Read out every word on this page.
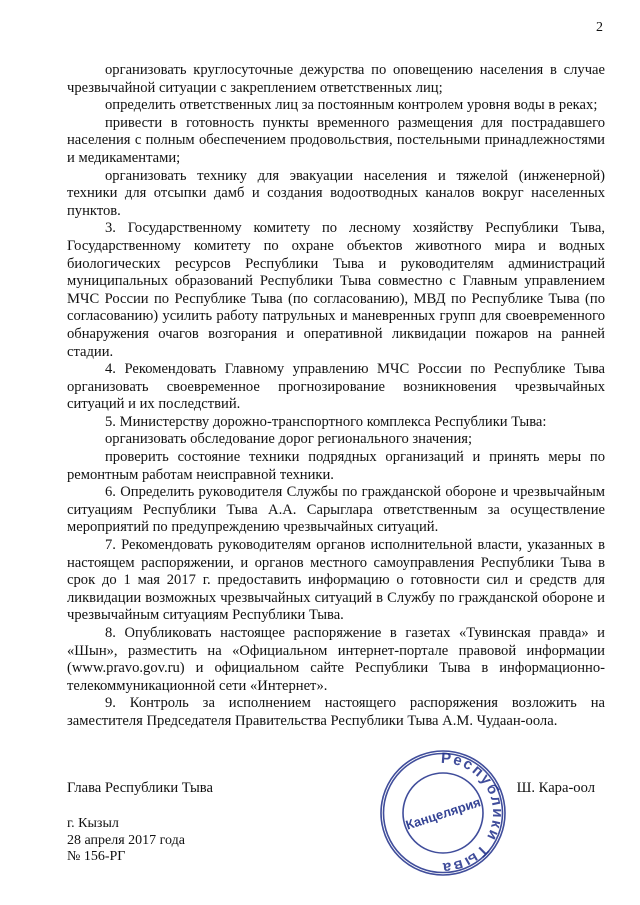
2

организовать круглосуточные дежурства по оповещению населения в случае чрезвычайной ситуации с закреплением ответственных лиц;

определить ответственных лиц за постоянным контролем уровня воды в реках;

привести в готовность пункты временного размещения для пострадавшего населения с полным обеспечением продовольствия, постельными принадлежностями и медикаментами;

организовать технику для эвакуации населения и тяжелой (инженерной) техники для отсыпки дамб и создания водоотводных каналов вокруг населенных пунктов.

3. Государственному комитету по лесному хозяйству Республики Тыва, Государственному комитету по охране объектов животного мира и водных биологических ресурсов Республики Тыва и руководителям администраций муниципальных образований Республики Тыва совместно с Главным управлением МЧС России по Республике Тыва (по согласованию), МВД по Республике Тыва (по согласованию) усилить работу патрульных и маневренных групп для своевременного обнаружения очагов возгорания и оперативной ликвидации пожаров на ранней стадии.

4. Рекомендовать Главному управлению МЧС России по Республике Тыва организовать своевременное прогнозирование возникновения чрезвычайных ситуаций и их последствий.

5. Министерству дорожно-транспортного комплекса Республики Тыва:

организовать обследование дорог регионального значения;

проверить состояние техники подрядных организаций и принять меры по ремонтным работам неисправной техники.

6. Определить руководителя Службы по гражданской обороне и чрезвычайным ситуациям Республики Тыва А.А. Сарыглара ответственным за осуществление мероприятий по предупреждению чрезвычайных ситуаций.

7. Рекомендовать руководителям органов исполнительной власти, указанных в настоящем распоряжении, и органов местного самоуправления Республики Тыва в срок до 1 мая 2017 г. предоставить информацию о готовности сил и средств для ликвидации возможных чрезвычайных ситуаций в Службу по гражданской обороне и чрезвычайным ситуациям Республики Тыва.

8. Опубликовать настоящее распоряжение в газетах «Тувинская правда» и «Шын», разместить на «Официальном интернет-портале правовой информации (www.pravo.gov.ru) и официальном сайте Республики Тыва в информационно-телекоммуникационной сети «Интернет».

9. Контроль за исполнением настоящего распоряжения возложить на заместителя Председателя Правительства Республики Тыва А.М. Чудаан-оола.

Глава Республики Тыва	Ш. Кара-оол
Республики Тыва
Канцелярия
г. Кызыл
28 апреля 2017 года
№ 156-РГ
